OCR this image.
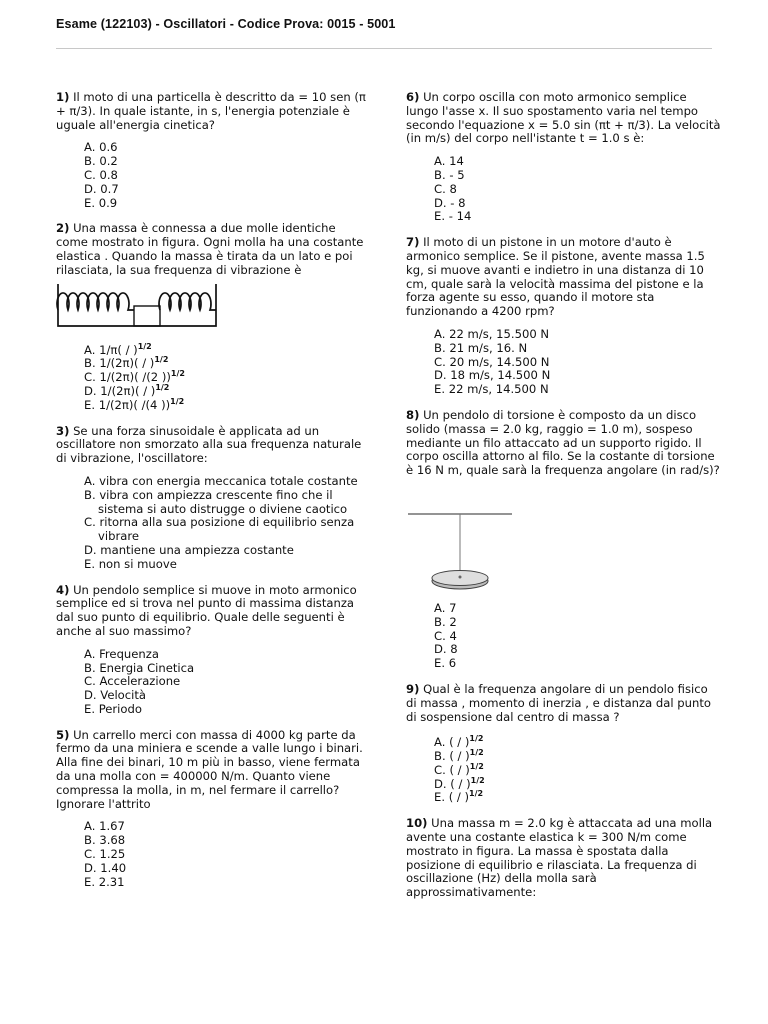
Esame (122103) - Oscillatori - Codice Prova: 0015 - 5001

1) Il moto di una particella è descritto da = 10 sen (π + π/3). In quale istante, in s, l'energia potenziale è uguale all'energia cinetica?

A. 0.6
B. 0.2
C. 0.8
D. 0.7
E. 0.9

2) Una massa è connessa a due molle identiche come mostrato in figura. Ogni molla ha una costante elastica . Quando la massa è tirata da un lato e poi rilasciata, la sua frequenza di vibrazione è

A. $1/\pi( / )^{1/2}$
B. $1/(2\pi)( / )^{1/2}$
C. 1/(2π)( /(2 ))$^{1/2}$
D. $1/(2\pi)( / )^{1/2}$
E. 1/(2π)( /(4 ))$^{1/2}$

3) Se una forza sinusoidale è applicata ad un oscillatore non smorzato alla sua frequenza naturale di vibrazione, l'oscillatore:

A. vibra con energia meccanica totale costante
B. vibra con ampiezza crescente fino che il
sistema si auto distrugge o diviene caotico
C. ritorna alla sua posizione di equilibrio senza
vibrare
D. mantiene una ampiezza costante
E. non si muove

4) Un pendolo semplice si muove in moto armonico semplice ed si trova nel punto di massima distanza dal suo punto di equilibrio. Quale delle seguenti è anche al suo massimo?

A. Frequenza
B. Energia Cinetica
C. Accelerazione
D. Velocità
E. Periodo

5) Un carrello merci con massa di 4000 kg parte da fermo da una miniera e scende a valle lungo i binari. Alla fine dei binari, 10 m più in basso, viene fermata da una molla con = 400000 N/m. Quanto viene compressa la molla, in m, nel fermare il carrello? Ignorare l'attrito

A. 1.67
B. 3.68
C. 1.25
D. 1.40
E. 2.31

6) Un corpo oscilla con moto armonico semplice lungo l'asse x. Il suo spostamento varia nel tempo secondo l'equazione x = 5.0 sin (πt + π/3). La velocità (in m/s) del corpo nell'istante t = 1.0 s è:

A. 14
B. - 5
C. 8
D. - 8
E. - 14

7) Il moto di un pistone in un motore d'auto è armonico semplice. Se il pistone, avente massa 1.5 kg, si muove avanti e indietro in una distanza di 10 cm, quale sarà la velocità massima del pistone e la forza agente su esso, quando il motore sta funzionando a 4200 rpm?

A. 22 m/s, 15.500 N
B. 21 m/s, 16. N
C. 20 m/s, 14.500 N
D. 18 m/s, 14.500 N
E. 22 m/s, 14.500 N

8) Un pendolo di torsione è composto da un disco solido (massa = 2.0 kg, raggio = 1.0 m), sospeso mediante un filo attaccato ad un supporto rigido. Il corpo oscilla attorno al filo. Se la costante di torsione è 16 N m, quale sarà la frequenza angolare (in rad/s)?

A. 7
B. 2
C. 4
D. 8
E. 6

9) Qual è la frequenza angolare di un pendolo fisico di massa , momento di inerzia , e distanza dal punto di sospensione dal centro di massa ?

A. ( / )$^{1/2}$
B. ( / )$^{1/2}$
C. ( / )$^{1/2}$
D. ( / )$^{1/2}$
E. ( / )$^{1/2}$

10) Una massa m = 2.0 kg è attaccata ad una molla avente una costante elastica k = 300 N/m come mostrato in figura. La massa è spostata dalla posizione di equilibrio e rilasciata. La frequenza di oscillazione (Hz) della molla sarà approssimativamente:
